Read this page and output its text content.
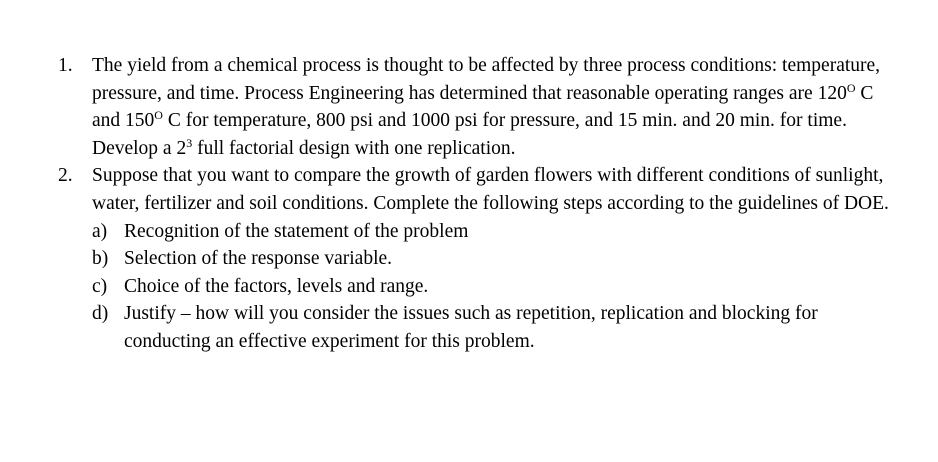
1. The yield from a chemical process is thought to be affected by three process conditions: temperature, pressure, and time. Process Engineering has determined that reasonable operating ranges are $120^O$ C and $150^O$ C for temperature, 800 psi and 1000 psi for pressure, and 15 min. and 20 min. for time. Develop a $2^3$ full factorial design with one replication.
2. Suppose that you want to compare the growth of garden flowers with different conditions of sunlight, water, fertilizer and soil conditions. Complete the following steps according to the guidelines of DOE.
a) Recognition of the statement of the problem
b) Selection of the response variable.
c) Choice of the factors, levels and range.
d) Justify – how will you consider the issues such as repetition, replication and blocking for conducting an effective experiment for this problem.
